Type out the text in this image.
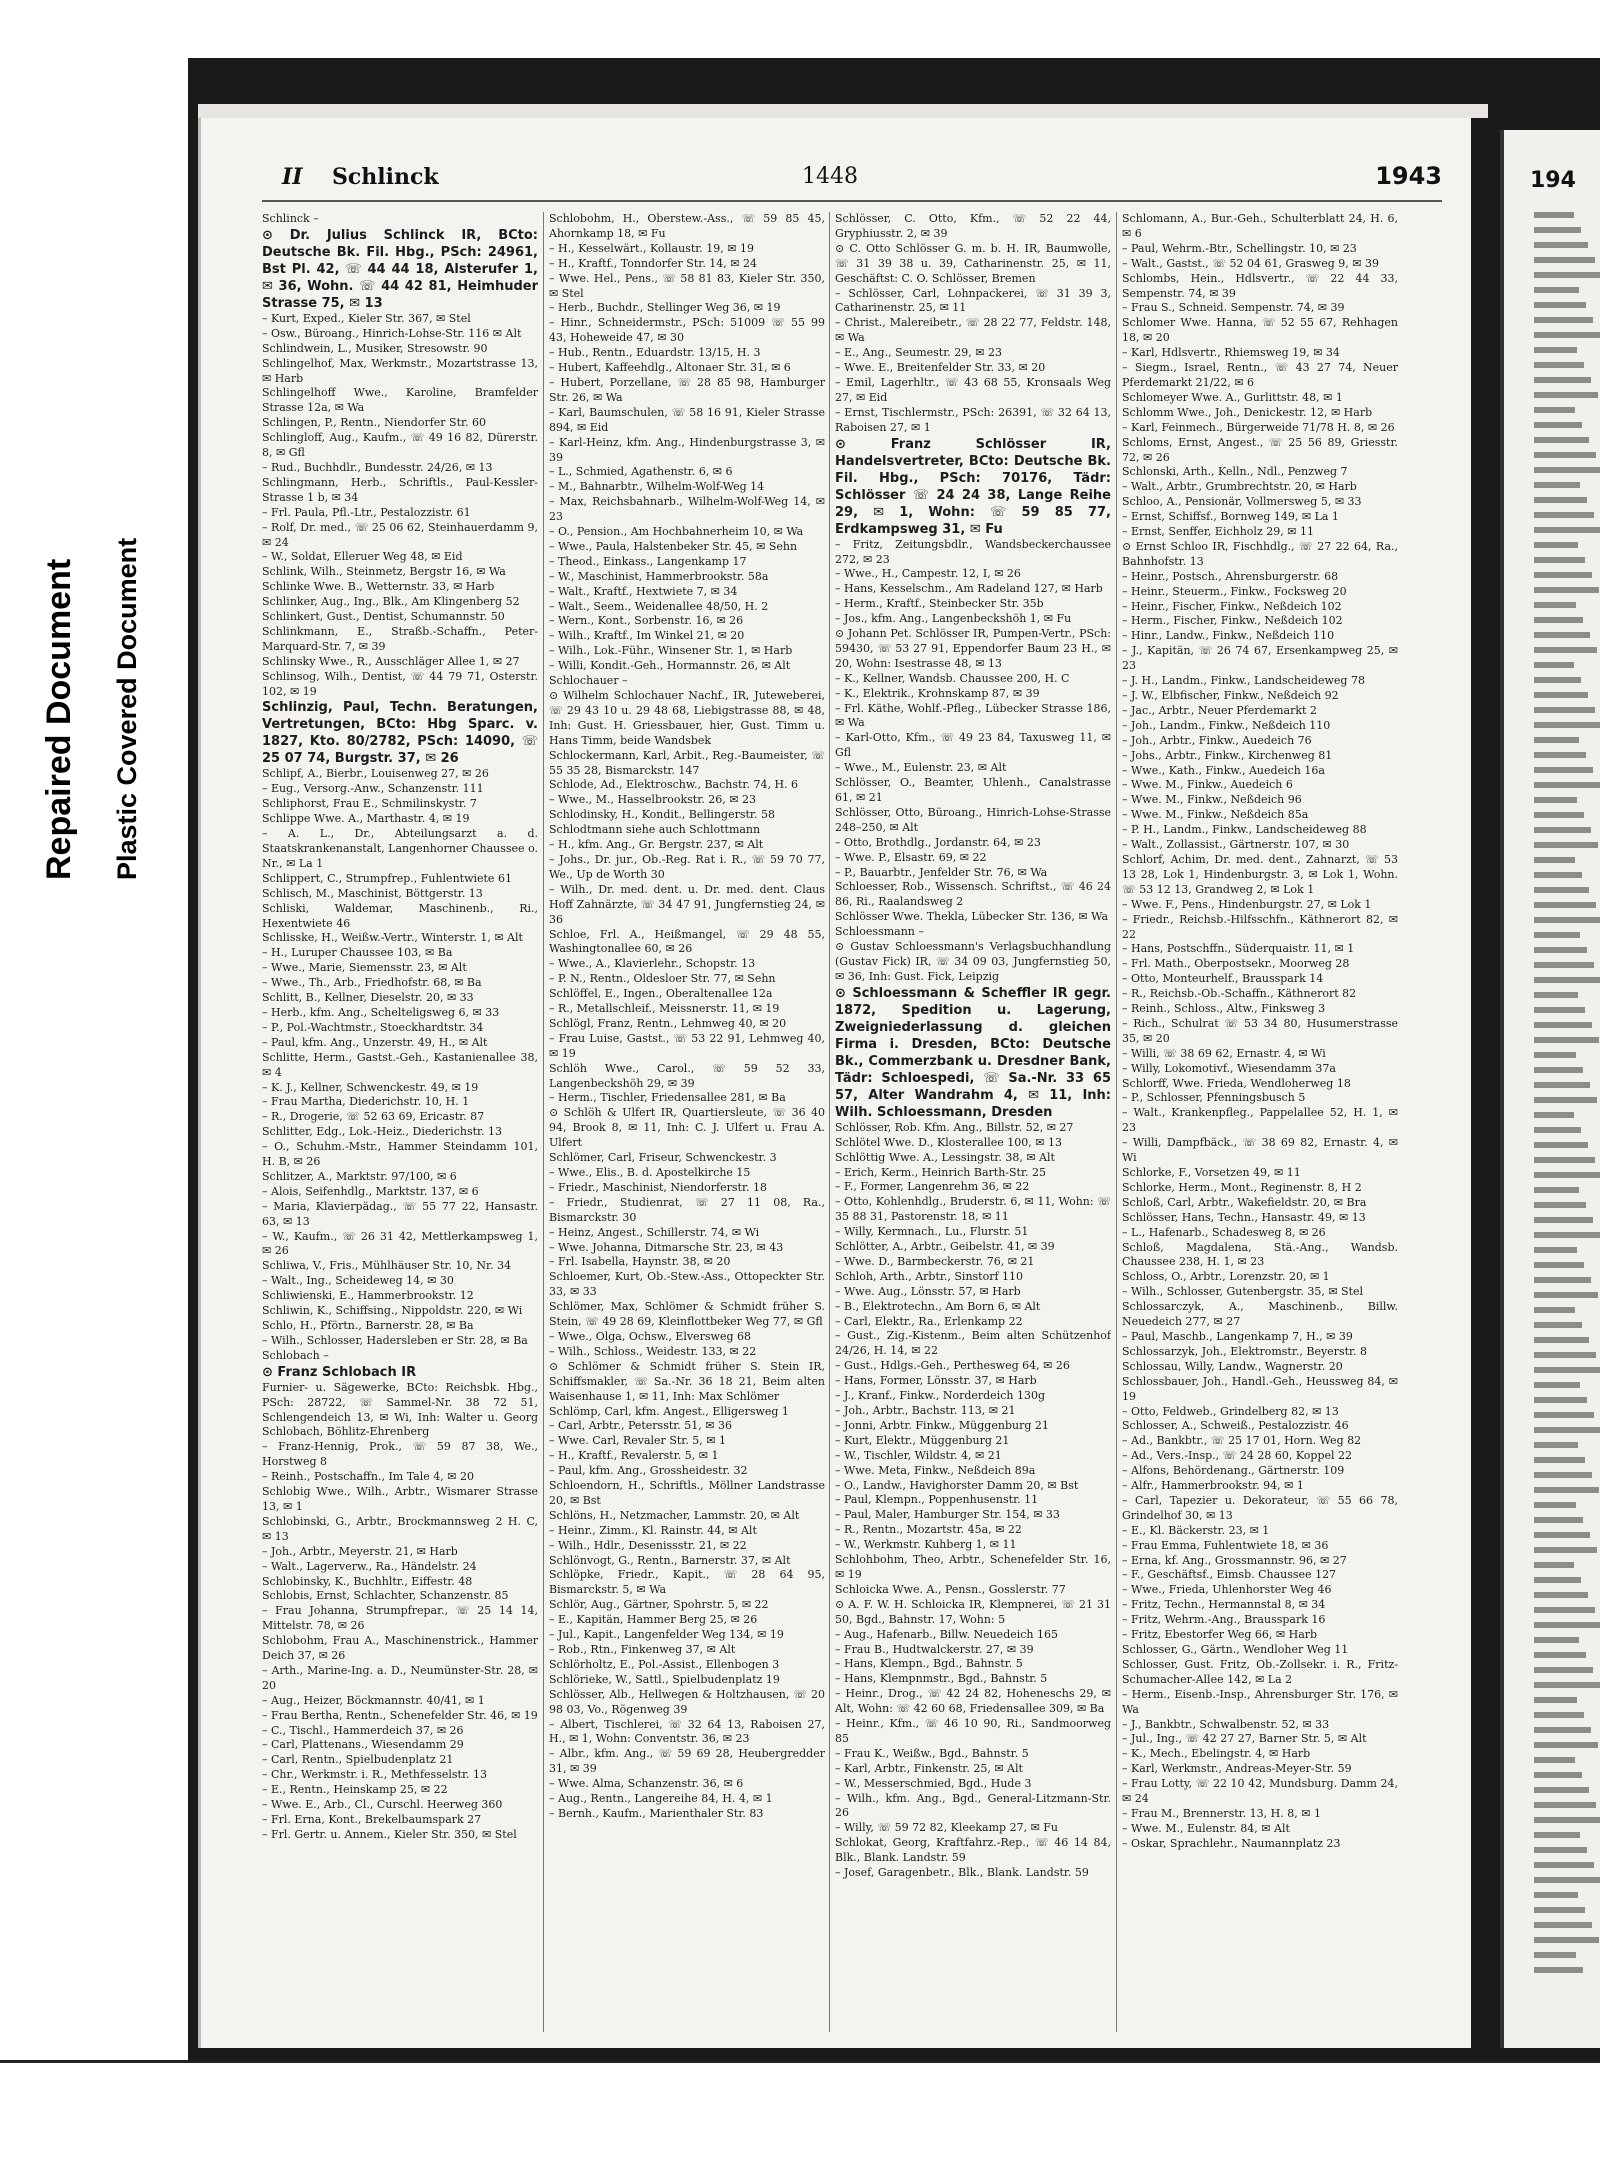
Repaired Document Plastic Covered Document
194
II Schlinck	1448	1943

Schlinck –

⊙ Dr. Julius Schlinck IR, BCto: Deutsche Bk. Fil. Hbg., PSch: 24961, Bst Pl. 42, ☏ 44 44 18, Alsterufer 1, ✉ 36, Wohn. ☏ 44 42 81, Heimhuder Strasse 75, ✉ 13

– Kurt, Exped., Kieler Str. 367, ✉ Stel

– Osw., Büroang., Hinrich-Lohse-Str. 116 ✉ Alt

Schlindwein, L., Musiker, Stresowstr. 90

Schlingelhof, Max, Werkmstr., Mozartstrasse 13, ✉ Harb

Schlingelhoff Wwe., Karoline, Bramfelder Strasse 12a, ✉ Wa

Schlingen, P., Rentn., Niendorfer Str. 60

Schlingloff, Aug., Kaufm., ☏ 49 16 82, Dürerstr. 8, ✉ Gfl

– Rud., Buchhdlr., Bundesstr. 24/26, ✉ 13

Schlingmann, Herb., Schriftls., Paul-Kessler-Strasse 1 b, ✉ 34

– Frl. Paula, Pfl.-Ltr., Pestalozzistr. 61

– Rolf, Dr. med., ☏ 25 06 62, Steinhauerdamm 9, ✉ 24

– W., Soldat, Elleruer Weg 48, ✉ Eid

Schlink, Wilh., Steinmetz, Bergstr 16, ✉ Wa

Schlinke Wwe. B., Wetternstr. 33, ✉ Harb

Schlinker, Aug., Ing., Blk., Am Klingenberg 52

Schlinkert, Gust., Dentist, Schumannstr. 50

Schlinkmann, E., Straßb.-Schaffn., Peter-Marquard-Str. 7, ✉ 39

Schlinsky Wwe., R., Ausschläger Allee 1, ✉ 27

Schlinsog, Wilh., Dentist, ☏ 44 79 71, Osterstr. 102, ✉ 19

Schlinzig, Paul, Techn. Beratungen, Vertretungen, BCto: Hbg Sparc. v. 1827, Kto. 80/2782, PSch: 14090, ☏ 25 07 74, Burgstr. 37, ✉ 26

Schlipf, A., Bierbr., Louisenweg 27, ✉ 26

– Eug., Versorg.-Anw., Schanzenstr. 111

Schliphorst, Frau E., Schmilinskystr. 7

Schlippe Wwe. A., Marthastr. 4, ✉ 19

– A. L., Dr., Abteilungsarzt a. d. Staatskrankenanstalt, Langenhorner Chaussee o. Nr., ✉ La 1

Schlippert, C., Strumpfrep., Fuhlentwiete 61

Schlisch, M., Maschinist, Böttgerstr. 13

Schliski, Waldemar, Maschinenb., Ri., Hexentwiete 46

Schlisske, H., Weißw.-Vertr., Winterstr. 1, ✉ Alt

– H., Luruper Chaussee 103, ✉ Ba

– Wwe., Marie, Siemensstr. 23, ✉ Alt

– Wwe., Th., Arb., Friedhofstr. 68, ✉ Ba

Schlitt, B., Kellner, Dieselstr. 20, ✉ 33

– Herb., kfm. Ang., Schelteligsweg 6, ✉ 33

– P., Pol.-Wachtmstr., Stoeckhardtstr. 34

– Paul, kfm. Ang., Unzerstr. 49, H., ✉ Alt

Schlitte, Herm., Gastst.-Geh., Kastanienallee 38, ✉ 4

– K. J., Kellner, Schwenckestr. 49, ✉ 19

– Frau Martha, Diederichstr. 10, H. 1

– R., Drogerie, ☏ 52 63 69, Ericastr. 87

Schlitter, Edg., Lok.-Heiz., Diederichstr. 13

– O., Schuhm.-Mstr., Hammer Steindamm 101, H. B, ✉ 26

Schlitzer, A., Marktstr. 97/100, ✉ 6

– Alois, Seifenhdlg., Marktstr. 137, ✉ 6

– Maria, Klavierpädag., ☏ 55 77 22, Hansastr. 63, ✉ 13

– W., Kaufm., ☏ 26 31 42, Mettlerkampsweg 1, ✉ 26

Schliwa, V., Fris., Mühlhäuser Str. 10, Nr. 34

– Walt., Ing., Scheideweg 14, ✉ 30

Schliwienski, E., Hammerbrookstr. 12

Schliwin, K., Schiffsing., Nippoldstr. 220, ✉ Wi

Schlo, H., Pförtn., Barnerstr. 28, ✉ Ba

– Wilh., Schlosser, Hadersleben er Str. 28, ✉ Ba

Schlobach –

⊙ Franz Schlobach IR

Furnier- u. Sägewerke, BCto: Reichsbk. Hbg., PSch: 28722, ☏ Sammel-Nr. 38 72 51, Schlengendeich 13, ✉ Wi, Inh: Walter u. Georg Schlobach, Böhlitz-Ehrenberg

– Franz-Hennig, Prok., ☏ 59 87 38, We., Horstweg 8

– Reinh., Postschaffn., Im Tale 4, ✉ 20

Schlobig Wwe., Wilh., Arbtr., Wismarer Strasse 13, ✉ 1

Schlobinski, G., Arbtr., Brockmannsweg 2 H. C, ✉ 13

– Joh., Arbtr., Meyerstr. 21, ✉ Harb

– Walt., Lagerverw., Ra., Händelstr. 24

Schlobinsky, K., Buchhltr., Eiffestr. 48

Schlobis, Ernst, Schlachter, Schanzenstr. 85

– Frau Johanna, Strumpfrepar., ☏ 25 14 14, Mittelstr. 78, ✉ 26

Schlobohm, Frau A., Maschinenstrick., Hammer Deich 37, ✉ 26

– Arth., Marine-Ing. a. D., Neumünster-Str. 28, ✉ 20

– Aug., Heizer, Böckmannstr. 40/41, ✉ 1

– Frau Bertha, Rentn., Schenefelder Str. 46, ✉ 19

– C., Tischl., Hammerdeich 37, ✉ 26

– Carl, Plattenans., Wiesendamm 29

– Carl, Rentn., Spielbudenplatz 21

– Chr., Werkmstr. i. R., Methfesselstr. 13

– E., Rentn., Heinskamp 25, ✉ 22

– Wwe. E., Arb., Cl., Curschl. Heerweg 360

– Frl. Erna, Kont., Brekelbaumspark 27

– Frl. Gertr. u. Annem., Kieler Str. 350, ✉ Stel

Schlobohm, H., Oberstew.-Ass., ☏ 59 85 45, Ahornkamp 18, ✉ Fu

– H., Kesselwärt., Kollaustr. 19, ✉ 19

– H., Kraftf., Tonndorfer Str. 14, ✉ 24

– Wwe. Hel., Pens., ☏ 58 81 83, Kieler Str. 350, ✉ Stel

– Herb., Buchdr., Stellinger Weg 36, ✉ 19

– Hinr., Schneidermstr., PSch: 51009 ☏ 55 99 43, Hoheweide 47, ✉ 30

– Hub., Rentn., Eduardstr. 13/15, H. 3

– Hubert, Kaffeehdlg., Altonaer Str. 31, ✉ 6

– Hubert, Porzellane, ☏ 28 85 98, Hamburger Str. 26, ✉ Wa

– Karl, Baumschulen, ☏ 58 16 91, Kieler Strasse 894, ✉ Eid

– Karl-Heinz, kfm. Ang., Hindenburgstrasse 3, ✉ 39

– L., Schmied, Agathenstr. 6, ✉ 6

– M., Bahnarbtr., Wilhelm-Wolf-Weg 14

– Max, Reichsbahnarb., Wilhelm-Wolf-Weg 14, ✉ 23

– O., Pension., Am Hochbahnerheim 10, ✉ Wa

– Wwe., Paula, Halstenbeker Str. 45, ✉ Sehn

– Theod., Einkass., Langenkamp 17

– W., Maschinist, Hammerbrookstr. 58a

– Walt., Kraftf., Hextwiete 7, ✉ 34

– Walt., Seem., Weidenallee 48/50, H. 2

– Wern., Kont., Sorbenstr. 16, ✉ 26

– Wilh., Kraftf., Im Winkel 21, ✉ 20

– Wilh., Lok.-Führ., Winsener Str. 1, ✉ Harb

– Willi, Kondit.-Geh., Hormannstr. 26, ✉ Alt

Schlochauer –

⊙ Wilhelm Schlochauer Nachf., IR, Juteweberei, ☏ 29 43 10 u. 29 48 68, Liebigstrasse 88, ✉ 48, Inh: Gust. H. Griessbauer, hier, Gust. Timm u. Hans Timm, beide Wandsbek

Schlockermann, Karl, Arbit., Reg.-Baumeister, ☏ 55 35 28, Bismarckstr. 147

Schlode, Ad., Elektroschw., Bachstr. 74, H. 6

– Wwe., M., Hasselbrookstr. 26, ✉ 23

Schlodinsky, H., Kondit., Bellingerstr. 58

Schlodtmann siehe auch Schlottmann

– H., kfm. Ang., Gr. Bergstr. 237, ✉ Alt

– Johs., Dr. jur., Ob.-Reg. Rat i. R., ☏ 59 70 77, We., Up de Worth 30

– Wilh., Dr. med. dent. u. Dr. med. dent. Claus Hoff Zahnärzte, ☏ 34 47 91, Jungfernstieg 24, ✉ 36

Schloe, Frl. A., Heißmangel, ☏ 29 48 55, Washingtonallee 60, ✉ 26

– Wwe., A., Klavierlehr., Schopstr. 13

– P. N., Rentn., Oldesloer Str. 77, ✉ Sehn

Schlöffel, E., Ingen., Oberaltenallee 12a

– R., Metallschleif., Meissnerstr. 11, ✉ 19

Schlögl, Franz, Rentn., Lehmweg 40, ✉ 20

– Frau Luise, Gastst., ☏ 53 22 91, Lehmweg 40, ✉ 19

Schlöh Wwe., Carol., ☏ 59 52 33, Langenbeckshöh 29, ✉ 39

– Herm., Tischler, Friedensallee 281, ✉ Ba

⊙ Schlöh & Ulfert IR, Quartiersleute, ☏ 36 40 94, Brook 8, ✉ 11, Inh: C. J. Ulfert u. Frau A. Ulfert

Schlömer, Carl, Friseur, Schwenckestr. 3

– Wwe., Elis., B. d. Apostelkirche 15

– Friedr., Maschinist, Niendorferstr. 18

– Friedr., Studienrat, ☏ 27 11 08, Ra., Bismarckstr. 30

– Heinz, Angest., Schillerstr. 74, ✉ Wi

– Wwe. Johanna, Ditmarsche Str. 23, ✉ 43

– Frl. Isabella, Haynstr. 38, ✉ 20

Schloemer, Kurt, Ob.-Stew.-Ass., Ottopeckter Str. 33, ✉ 33

Schlömer, Max, Schlömer & Schmidt früher S. Stein, ☏ 49 28 69, Kleinflottbeker Weg 77, ✉ Gfl

– Wwe., Olga, Ochsw., Elversweg 68

– Wilh., Schloss., Weidestr. 133, ✉ 22

⊙ Schlömer & Schmidt früher S. Stein IR, Schiffsmakler, ☏ Sa.-Nr. 36 18 21, Beim alten Waisenhause 1, ✉ 11, Inh: Max Schlömer

Schlömp, Carl, kfm. Angest., Elligersweg 1

– Carl, Arbtr., Petersstr. 51, ✉ 36

– Wwe. Carl, Revaler Str. 5, ✉ 1

– H., Kraftf., Revalerstr. 5, ✉ 1

– Paul, kfm. Ang., Grossheidestr. 32

Schloendorn, H., Schriftls., Möllner Landstrasse 20, ✉ Bst

Schlöns, H., Netzmacher, Lammstr. 20, ✉ Alt

– Heinr., Zimm., Kl. Rainstr. 44, ✉ Alt

– Wilh., Hdlr., Desenissstr. 21, ✉ 22

Schlönvogt, G., Rentn., Barnerstr. 37, ✉ Alt

Schlöpke, Friedr., Kapit., ☏ 28 64 95, Bismarckstr. 5, ✉ Wa

Schlör, Aug., Gärtner, Spohrstr. 5, ✉ 22

– E., Kapitän, Hammer Berg 25, ✉ 26

– Jul., Kapit., Langenfelder Weg 134, ✉ 19

– Rob., Rtn., Finkenweg 37, ✉ Alt

Schlörholtz, E., Pol.-Assist., Ellenbogen 3

Schlörieke, W., Sattl., Spielbudenplatz 19

Schlösser, Alb., Hellwegen & Holtzhausen, ☏ 20 98 03, Vo., Rögenweg 39

– Albert, Tischlerei, ☏ 32 64 13, Raboisen 27, H., ✉ 1, Wohn: Conventstr. 36, ✉ 23

– Albr., kfm. Ang., ☏ 59 69 28, Heubergredder 31, ✉ 39

– Wwe. Alma, Schanzenstr. 36, ✉ 6

– Aug., Rentn., Langereihe 84, H. 4, ✉ 1

– Bernh., Kaufm., Marienthaler Str. 83

Schlösser, C. Otto, Kfm., ☏ 52 22 44, Gryphiusstr. 2, ✉ 39

⊙ C. Otto Schlösser G. m. b. H. IR, Baumwolle, ☏ 31 39 38 u. 39, Catharinenstr. 25, ✉ 11, Geschäftst: C. O. Schlösser, Bremen

– Schlösser, Carl, Lohnpackerei, ☏ 31 39 3, Catharinenstr. 25, ✉ 11

– Christ., Malereibetr., ☏ 28 22 77, Feldstr. 148, ✉ Wa

– E., Ang., Seumestr. 29, ✉ 23

– Wwe. E., Breitenfelder Str. 33, ✉ 20

– Emil, Lagerhltr., ☏ 43 68 55, Kronsaals Weg 27, ✉ Eid

– Ernst, Tischlermstr., PSch: 26391, ☏ 32 64 13, Raboisen 27, ✉ 1

⊙ Franz Schlösser IR, Handelsvertreter, BCto: Deutsche Bk. Fil. Hbg., PSch: 70176, Tädr: Schlösser ☏ 24 24 38, Lange Reihe 29, ✉ 1, Wohn: ☏ 59 85 77, Erdkampsweg 31, ✉ Fu

– Fritz, Zeitungsbdlr., Wandsbeckerchaussee 272, ✉ 23

– Wwe., H., Campestr. 12, I, ✉ 26

– Hans, Kesselschm., Am Radeland 127, ✉ Harb

– Herm., Kraftf., Steinbecker Str. 35b

– Jos., kfm. Ang., Langenbeckshöh 1, ✉ Fu

⊙ Johann Pet. Schlösser IR, Pumpen-Vertr., PSch: 59430, ☏ 53 27 91, Eppendorfer Baum 23 H., ✉ 20, Wohn: Isestrasse 48, ✉ 13

– K., Kellner, Wandsb. Chaussee 200, H. C

– K., Elektrik., Krohnskamp 87, ✉ 39

– Frl. Käthe, Wohlf.-Pfleg., Lübecker Strasse 186, ✉ Wa

– Karl-Otto, Kfm., ☏ 49 23 84, Taxusweg 11, ✉ Gfl

– Wwe., M., Eulenstr. 23, ✉ Alt

Schlösser, O., Beamter, Uhlenh., Canalstrasse 61, ✉ 21

Schlösser, Otto, Büroang., Hinrich-Lohse-Strasse 248–250, ✉ Alt

– Otto, Brothdlg., Jordanstr. 64, ✉ 23

– Wwe. P., Elsastr. 69, ✉ 22

– P., Bauarbtr., Jenfelder Str. 76, ✉ Wa

Schloesser, Rob., Wissensch. Schriftst., ☏ 46 24 86, Ri., Raalandsweg 2

Schlösser Wwe. Thekla, Lübecker Str. 136, ✉ Wa

Schloessmann –

⊙ Gustav Schloessmann's Verlagsbuchhandlung (Gustav Fick) IR, ☏ 34 09 03, Jungfernstieg 50, ✉ 36, Inh: Gust. Fick, Leipzig

⊙ Schloessmann & Scheffler IR gegr. 1872, Spedition u. Lagerung, Zweigniederlassung d. gleichen Firma i. Dresden, BCto: Deutsche Bk., Commerzbank u. Dresdner Bank, Tädr: Schloespedi, ☏ Sa.-Nr. 33 65 57, Alter Wandrahm 4, ✉ 11, Inh: Wilh. Schloessmann, Dresden

Schlösser, Rob. Kfm. Ang., Billstr. 52, ✉ 27

Schlötel Wwe. D., Klosterallee 100, ✉ 13

Schlöttig Wwe. A., Lessingstr. 38, ✉ Alt

– Erich, Kerm., Heinrich Barth-Str. 25

– F., Former, Langenrehm 36, ✉ 22

– Otto, Kohlenhdlg., Bruderstr. 6, ✉ 11, Wohn: ☏ 35 88 31, Pastorenstr. 18, ✉ 11

– Willy, Kermnach., Lu., Flurstr. 51

Schlötter, A., Arbtr., Geibelstr. 41, ✉ 39

– Wwe. D., Barmbeckerstr. 76, ✉ 21

Schloh, Arth., Arbtr., Sinstorf 110

– Wwe. Aug., Lönsstr. 57, ✉ Harb

– B., Elektrotechn., Am Born 6, ✉ Alt

– Carl, Elektr., Ra., Erlenkamp 22

– Gust., Zig.-Kistenm., Beim alten Schützenhof 24/26, H. 14, ✉ 22

– Gust., Hdlgs.-Geh., Perthesweg 64, ✉ 26

– Hans, Former, Lönsstr. 37, ✉ Harb

– J., Kranf., Finkw., Norderdeich 130g

– Joh., Arbtr., Bachstr. 113, ✉ 21

– Jonni, Arbtr. Finkw., Müggenburg 21

– Kurt, Elektr., Müggenburg 21

– W., Tischler, Wildstr. 4, ✉ 21

– Wwe. Meta, Finkw., Neßdeich 89a

– O., Landw., Havighorster Damm 20, ✉ Bst

– Paul, Klempn., Poppenhusenstr. 11

– Paul, Maler, Hamburger Str. 154, ✉ 33

– R., Rentn., Mozartstr. 45a, ✉ 22

– W., Werkmstr. Kuhberg 1, ✉ 11

Schlohbohm, Theo, Arbtr., Schenefelder Str. 16, ✉ 19

Schloicka Wwe. A., Pensn., Gosslerstr. 77

⊙ A. F. W. H. Schloicka IR, Klempnerei, ☏ 21 31 50, Bgd., Bahnstr. 17, Wohn: 5

– Aug., Hafenarb., Billw. Neuedeich 165

– Frau B., Hudtwalckerstr. 27, ✉ 39

– Hans, Klempn., Bgd., Bahnstr. 5

– Hans, Klempnmstr., Bgd., Bahnstr. 5

– Heinr., Drog., ☏ 42 24 82, Hoheneschs 29, ✉ Alt, Wohn: ☏ 42 60 68, Friedensallee 309, ✉ Ba

– Heinr., Kfm., ☏ 46 10 90, Ri., Sandmoorweg 85

– Frau K., Weißw., Bgd., Bahnstr. 5

– Karl, Arbtr., Finkenstr. 25, ✉ Alt

– W., Messerschmied, Bgd., Hude 3

– Wilh., kfm. Ang., Bgd., General-Litzmann-Str. 26

– Willy, ☏ 59 72 82, Kleekamp 27, ✉ Fu

Schlokat, Georg, Kraftfahrz.-Rep., ☏ 46 14 84, Blk., Blank. Landstr. 59

– Josef, Garagenbetr., Blk., Blank. Landstr. 59

Schlomann, A., Bur.-Geh., Schulterblatt 24, H. 6, ✉ 6

– Paul, Wehrm.-Btr., Schellingstr. 10, ✉ 23

– Walt., Gastst., ☏ 52 04 61, Grasweg 9, ✉ 39

Schlombs, Hein., Hdlsvertr., ☏ 22 44 33, Sempenstr. 74, ✉ 39

– Frau S., Schneid. Sempenstr. 74, ✉ 39

Schlomer Wwe. Hanna, ☏ 52 55 67, Rehhagen 18, ✉ 20

– Karl, Hdlsvertr., Rhiemsweg 19, ✉ 34

– Siegm., Israel, Rentn., ☏ 43 27 74, Neuer Pferdemarkt 21/22, ✉ 6

Schlomeyer Wwe. A., Gurlittstr. 48, ✉ 1

Schlomm Wwe., Joh., Denickestr. 12, ✉ Harb

– Karl, Feinmech., Bürgerweide 71/78 H. 8, ✉ 26

Schloms, Ernst, Angest., ☏ 25 56 89, Griesstr. 72, ✉ 26

Schlonski, Arth., Kelln., Ndl., Penzweg 7

– Walt., Arbtr., Grumbrechtstr. 20, ✉ Harb

Schloo, A., Pensionär, Vollmersweg 5, ✉ 33

– Ernst, Schiffsf., Bornweg 149, ✉ La 1

– Ernst, Senffer, Eichholz 29, ✉ 11

⊙ Ernst Schloo IR, Fischhdlg., ☏ 27 22 64, Ra., Bahnhofstr. 13

– Heinr., Postsch., Ahrensburgerstr. 68

– Heinr., Steuerm., Finkw., Focksweg 20

– Heinr., Fischer, Finkw., Neßdeich 102

– Herm., Fischer, Finkw., Neßdeich 102

– Hinr., Landw., Finkw., Neßdeich 110

– J., Kapitän, ☏ 26 74 67, Ersenkampweg 25, ✉ 23

– J. H., Landm., Finkw., Landscheideweg 78

– J. W., Elbfischer, Finkw., Neßdeich 92

– Jac., Arbtr., Neuer Pferdemarkt 2

– Joh., Landm., Finkw., Neßdeich 110

– Joh., Arbtr., Finkw., Auedeich 76

– Johs., Arbtr., Finkw., Kirchenweg 81

– Wwe., Kath., Finkw., Auedeich 16a

– Wwe. M., Finkw., Auedeich 6

– Wwe. M., Finkw., Neßdeich 96

– Wwe. M., Finkw., Neßdeich 85a

– P. H., Landm., Finkw., Landscheideweg 88

– Walt., Zollassist., Gärtnerstr. 107, ✉ 30

Schlorf, Achim, Dr. med. dent., Zahnarzt, ☏ 53 13 28, Lok 1, Hindenburgstr. 3, ✉ Lok 1, Wohn. ☏ 53 12 13, Grandweg 2, ✉ Lok 1

– Wwe. F., Pens., Hindenburgstr. 27, ✉ Lok 1

– Friedr., Reichsb.-Hilfsschfn., Käthnerort 82, ✉ 22

– Hans, Postschffn., Süderquaistr. 11, ✉ 1

– Frl. Math., Oberpostsekr., Moorweg 28

– Otto, Monteurhelf., Brausspark 14

– R., Reichsb.-Ob.-Schaffn., Käthnerort 82

– Reinh., Schloss., Altw., Finksweg 3

– Rich., Schulrat ☏ 53 34 80, Husumerstrasse 35, ✉ 20

– Willi, ☏ 38 69 62, Ernastr. 4, ✉ Wi

– Willy, Lokomotivf., Wiesendamm 37a

Schlorff, Wwe. Frieda, Wendloherweg 18

– P., Schlosser, Pfenningsbusch 5

– Walt., Krankenpfleg., Pappelallee 52, H. 1, ✉ 23

– Willi, Dampfbäck., ☏ 38 69 82, Ernastr. 4, ✉ Wi

Schlorke, F., Vorsetzen 49, ✉ 11

Schlorke, Herm., Mont., Reginenstr. 8, H 2

Schloß, Carl, Arbtr., Wakefieldstr. 20, ✉ Bra

Schlösser, Hans, Techn., Hansastr. 49, ✉ 13

– L., Hafenarb., Schadesweg 8, ✉ 26

Schloß, Magdalena, Stä.-Ang., Wandsb. Chaussee 238, H. 1, ✉ 23

Schloss, O., Arbtr., Lorenzstr. 20, ✉ 1

– Wilh., Schlosser, Gutenbergstr. 35, ✉ Stel

Schlossarczyk, A., Maschinenb., Billw. Neuedeich 277, ✉ 27

– Paul, Maschb., Langenkamp 7, H., ✉ 39

Schlossarzyk, Joh., Elektromstr., Beyerstr. 8

Schlossau, Willy, Landw., Wagnerstr. 20

Schlossbauer, Joh., Handl.-Geh., Heussweg 84, ✉ 19

– Otto, Feldweb., Grindelberg 82, ✉ 13

Schlosser, A., Schweiß., Pestalozzistr. 46

– Ad., Bankbtr., ☏ 25 17 01, Horn. Weg 82

– Ad., Vers.-Insp., ☏ 24 28 60, Koppel 22

– Alfons, Behördenang., Gärtnerstr. 109

– Alfr., Hammerbrookstr. 94, ✉ 1

– Carl, Tapezier u. Dekorateur, ☏ 55 66 78, Grindelhof 30, ✉ 13

– E., Kl. Bäckerstr. 23, ✉ 1

– Frau Emma, Fuhlentwiete 18, ✉ 36

– Erna, kf. Ang., Grossmannstr. 96, ✉ 27

– F., Geschäftsf., Eimsb. Chaussee 127

– Wwe., Frieda, Uhlenhorster Weg 46

– Fritz, Techn., Hermannstal 8, ✉ 34

– Fritz, Wehrm.-Ang., Brausspark 16

– Fritz, Ebestorfer Weg 66, ✉ Harb

Schlosser, G., Gärtn., Wendloher Weg 11

Schlosser, Gust. Fritz, Ob.-Zollsekr. i. R., Fritz-Schumacher-Allee 142, ✉ La 2

– Herm., Eisenb.-Insp., Ahrensburger Str. 176, ✉ Wa

– J., Bankbtr., Schwalbenstr. 52, ✉ 33

– Jul., Ing., ☏ 42 27 27, Barner Str. 5, ✉ Alt

– K., Mech., Ebelingstr. 4, ✉ Harb

– Karl, Werkmstr., Andreas-Meyer-Str. 59

– Frau Lotty, ☏ 22 10 42, Mundsburg. Damm 24, ✉ 24

– Frau M., Brennerstr. 13, H. 8, ✉ 1

– Wwe. M., Eulenstr. 84, ✉ Alt

– Oskar, Sprachlehr., Naumannplatz 23
